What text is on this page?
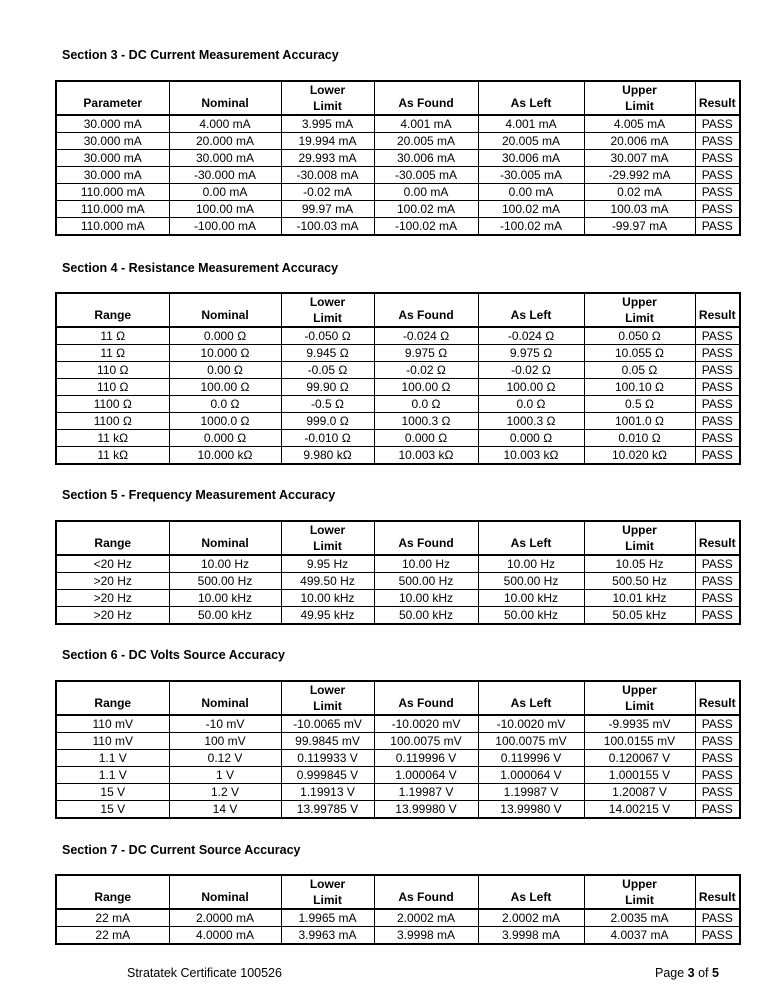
Section 3 - DC Current Measurement Accuracy
Section 4 - Resistance Measurement Accuracy
Section 5 - Frequency Measurement Accuracy
Section 6 - DC Volts Source Accuracy
Section 7 - DC Current Source Accuracy
Parameter	Nominal	Lower	As Found	As Left	Upper	Result
		Limit			Limit	
30.000 mA	4.000 mA	3.995 mA	4.001 mA	4.001 mA	4.005 mA	PASS
30.000 mA	20.000 mA	19.994 mA	20.005 mA	20.005 mA	20.006 mA	PASS
30.000 mA	30.000 mA	29.993 mA	30.006 mA	30.006 mA	30.007 mA	PASS
30.000 mA	-30.000 mA	-30.008 mA	-30.005 mA	-30.005 mA	-29.992 mA	PASS
110.000 mA	0.00 mA	-0.02 mA	0.00 mA	0.00 mA	0.02 mA	PASS
110.000 mA	100.00 mA	99.97 mA	100.02 mA	100.02 mA	100.03 mA	PASS
110.000 mA	-100.00 mA	-100.03 mA	-100.02 mA	-100.02 mA	-99.97 mA	PASS
Range	Nominal	Lower	As Found	As Left	Upper	Result
		Limit			Limit	
11 Ω	0.000 Ω	-0.050 Ω	-0.024 Ω	-0.024 Ω	0.050 Ω	PASS
11 Ω	10.000 Ω	9.945 Ω	9.975 Ω	9.975 Ω	10.055 Ω	PASS
110 Ω	0.00 Ω	-0.05 Ω	-0.02 Ω	-0.02 Ω	0.05 Ω	PASS
110 Ω	100.00 Ω	99.90 Ω	100.00 Ω	100.00 Ω	100.10 Ω	PASS
1100 Ω	0.0 Ω	-0.5 Ω	0.0 Ω	0.0 Ω	0.5 Ω	PASS
1100 Ω	1000.0 Ω	999.0 Ω	1000.3 Ω	1000.3 Ω	1001.0 Ω	PASS
11 kΩ	0.000 Ω	-0.010 Ω	0.000 Ω	0.000 Ω	0.010 Ω	PASS
11 kΩ	10.000 kΩ	9.980 kΩ	10.003 kΩ	10.003 kΩ	10.020 kΩ	PASS
Range	Nominal	Lower	As Found	As Left	Upper	Result
		Limit			Limit	
<20 Hz	10.00 Hz	9.95 Hz	10.00 Hz	10.00 Hz	10.05 Hz	PASS
>20 Hz	500.00 Hz	499.50 Hz	500.00 Hz	500.00 Hz	500.50 Hz	PASS
>20 Hz	10.00 kHz	10.00 kHz	10.00 kHz	10.00 kHz	10.01 kHz	PASS
>20 Hz	50.00 kHz	49.95 kHz	50.00 kHz	50.00 kHz	50.05 kHz	PASS
Range	Nominal	Lower	As Found	As Left	Upper	Result
		Limit			Limit	
110 mV	-10 mV	-10.0065 mV	-10.0020 mV	-10.0020 mV	-9.9935 mV	PASS
110 mV	100 mV	99.9845 mV	100.0075 mV	100.0075 mV	100.0155 mV	PASS
1.1 V	0.12 V	0.119933 V	0.119996 V	0.119996 V	0.120067 V	PASS
1.1 V	1 V	0.999845 V	1.000064 V	1.000064 V	1.000155 V	PASS
15 V	1.2 V	1.19913 V	1.19987 V	1.19987 V	1.20087 V	PASS
15 V	14 V	13.99785 V	13.99980 V	13.99980 V	14.00215 V	PASS
Range	Nominal	Lower	As Found	As Left	Upper	Result
		Limit			Limit	
22 mA	2.0000 mA	1.9965 mA	2.0002 mA	2.0002 mA	2.0035 mA	PASS
22 mA	4.0000 mA	3.9963 mA	3.9998 mA	3.9998 mA	4.0037 mA	PASS
Stratatek Certificate 100526	Page 3 of 5
